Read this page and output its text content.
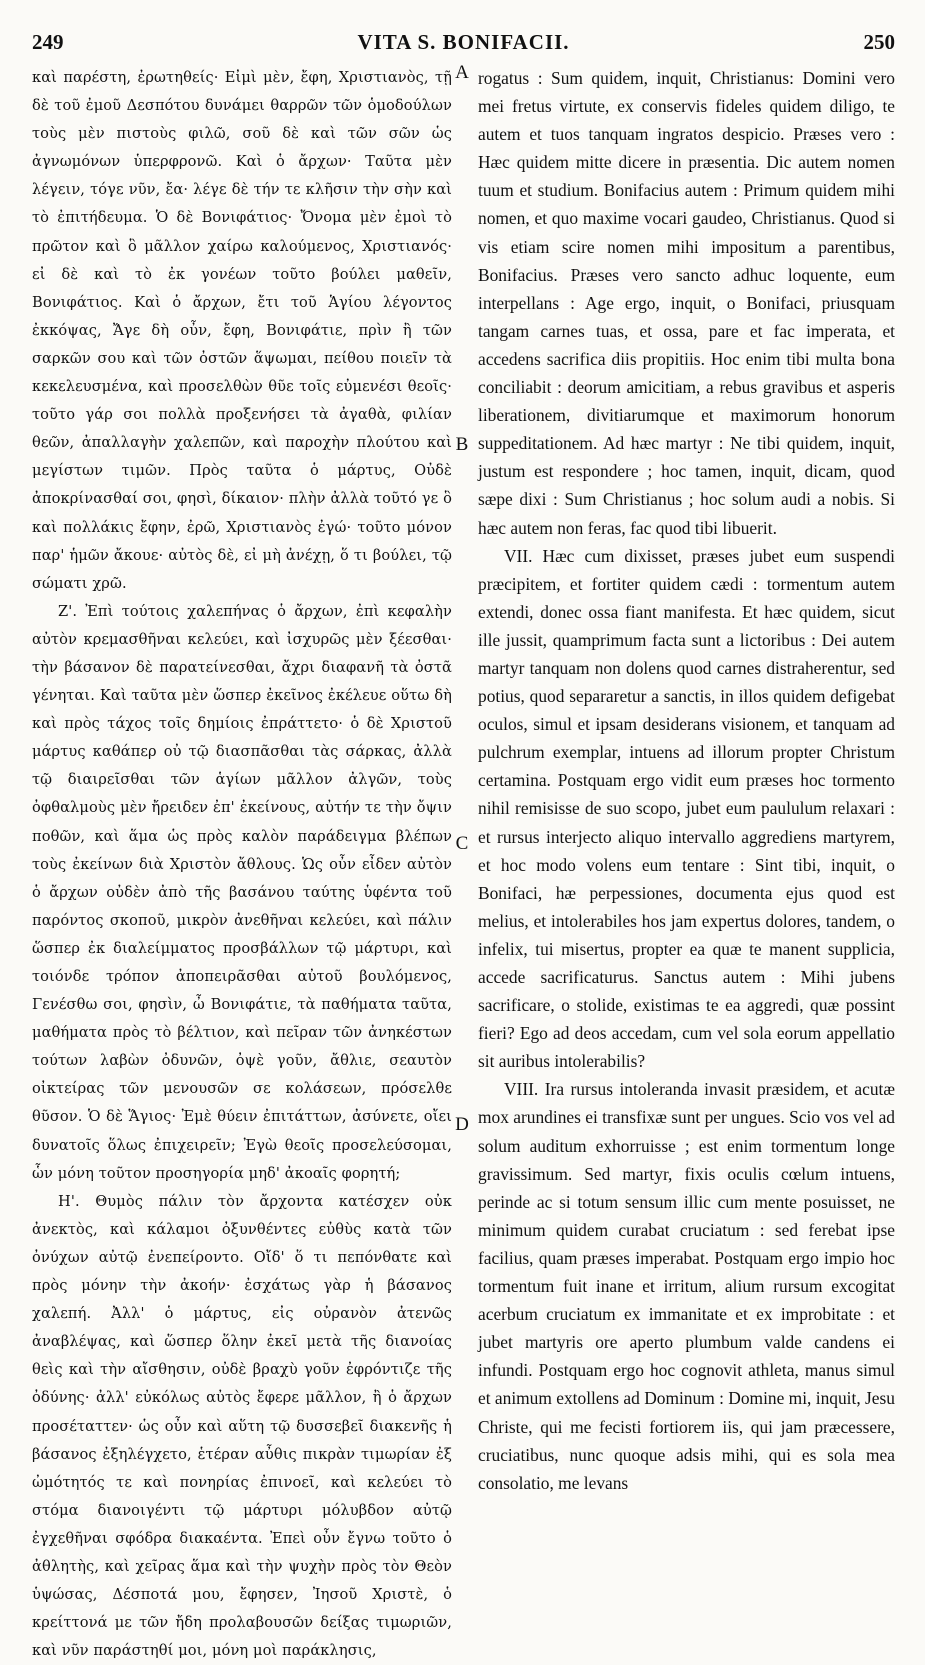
249	VITA S. BONIFACII.	250

καὶ παρέστη, ἐρωτηθείς· Εἰμὶ μὲν, ἔφη, Χριστιανὸς, τῇ δὲ τοῦ ἐμοῦ Δεσπότου δυνάμει θαρρῶν τῶν ὁμοδούλων τοὺς μὲν πιστοὺς φιλῶ, σοῦ δὲ καὶ τῶν σῶν ὡς ἀγνωμόνων ὑπερφρονῶ. Καὶ ὁ ἄρχων· Ταῦτα μὲν λέγειν, τόγε νῦν, ἔα· λέγε δὲ τήν τε κλῆσιν τὴν σὴν καὶ τὸ ἐπιτήδευμα. Ὁ δὲ Βονιφάτιος· Ὄνομα μὲν ἐμοὶ τὸ πρῶτον καὶ ὃ μᾶλλον χαίρω καλούμενος, Χριστιανός· εἰ δὲ καὶ τὸ ἐκ γονέων τοῦτο βούλει μαθεῖν, Βονιφάτιος. Καὶ ὁ ἄρχων, ἔτι τοῦ Ἁγίου λέγοντος ἐκκόψας, Ἄγε δὴ οὖν, ἔφη, Βονιφάτιε, πρὶν ἢ τῶν σαρκῶν σου καὶ τῶν ὀστῶν ἅψωμαι, πείθου ποιεῖν τὰ κεκελευσμένα, καὶ προσελθὼν θῦε τοῖς εὐμενέσι θεοῖς· τοῦτο γάρ σοι πολλὰ προξενήσει τὰ ἀγαθὰ, φιλίαν θεῶν, ἀπαλλαγὴν χαλεπῶν, καὶ παροχὴν πλούτου καὶ μεγίστων τιμῶν. Πρὸς ταῦτα ὁ μάρτυς, Οὐδὲ ἀποκρίνασθαί σοι, φησὶ, δίκαιον· πλὴν ἀλλὰ τοῦτό γε ὃ καὶ πολλάκις ἔφην, ἐρῶ, Χριστιανὸς ἐγώ· τοῦτο μόνον παρ' ἡμῶν ἄκουε· αὐτὸς δὲ, εἰ μὴ ἀνέχῃ, ὅ τι βούλει, τῷ σώματι χρῶ.

Ζ'. Ἐπὶ τούτοις χαλεπήνας ὁ ἄρχων, ἐπὶ κεφαλὴν αὐτὸν κρεμασθῆναι κελεύει, καὶ ἰσχυρῶς μὲν ξέεσθαι· τὴν βάσανον δὲ παρατείνεσθαι, ἄχρι διαφανῆ τὰ ὀστᾶ γένηται. Καὶ ταῦτα μὲν ὥσπερ ἐκεῖνος ἐκέλευε οὕτω δὴ καὶ πρὸς τάχος τοῖς δημίοις ἐπράττετο· ὁ δὲ Χριστοῦ μάρτυς καθάπερ οὐ τῷ διασπᾶσθαι τὰς σάρκας, ἀλλὰ τῷ διαιρεῖσθαι τῶν ἁγίων μᾶλλον ἀλγῶν, τοὺς ὀφθαλμοὺς μὲν ἤρειδεν ἐπ' ἐκείνους, αὐτήν τε τὴν ὄψιν ποθῶν, καὶ ἅμα ὡς πρὸς καλὸν παράδειγμα βλέπων τοὺς ἐκείνων διὰ Χριστὸν ἄθλους. Ὡς οὖν εἶδεν αὐτὸν ὁ ἄρχων οὐδὲν ἀπὸ τῆς βασάνου ταύτης ὑφέντα τοῦ παρόντος σκοποῦ, μικρὸν ἀνεθῆναι κελεύει, καὶ πάλιν ὥσπερ ἐκ διαλείμματος προσβάλλων τῷ μάρτυρι, καὶ τοιόνδε τρόπον ἀποπειρᾶσθαι αὐτοῦ βουλόμενος, Γενέσθω σοι, φησὶν, ὦ Βονιφάτιε, τὰ παθήματα ταῦτα, μαθήματα πρὸς τὸ βέλτιον, καὶ πεῖραν τῶν ἀνηκέστων τούτων λαβὼν ὀδυνῶν, ὀψὲ γοῦν, ἄθλιε, σεαυτὸν οἰκτείρας τῶν μενουσῶν σε κολάσεων, πρόσελθε θῦσον. Ὁ δὲ Ἅγιος· Ἐμὲ θύειν ἐπιτάττων, ἀσύνετε, οἴει δυνατοῖς ὅλως ἐπιχειρεῖν; Ἐγὼ θεοῖς προσελεύσομαι, ὧν μόνη τοῦτον προσηγορία μηδ' ἀκοαῖς φορητή;

Η'. Θυμὸς πάλιν τὸν ἄρχοντα κατέσχεν οὐκ ἀνεκτὸς, καὶ κάλαμοι ὀξυνθέντες εὐθὺς κατὰ τῶν ὀνύχων αὐτῷ ἐνεπείροντο. Οἴδ' ὅ τι πεπόνθατε καὶ πρὸς μόνην τὴν ἀκοήν· ἐσχάτως γὰρ ἡ βάσανος χαλεπή. Ἀλλ' ὁ μάρτυς, εἰς οὐρανὸν ἀτενῶς ἀναβλέψας, καὶ ὥσπερ ὅλην ἐκεῖ μετὰ τῆς διανοίας θεὶς καὶ τὴν αἴσθησιν, οὐδὲ βραχὺ γοῦν ἐφρόντιζε τῆς ὀδύνης· ἀλλ' εὐκόλως αὐτὸς ἔφερε μᾶλλον, ἢ ὁ ἄρχων προσέταττεν· ὡς οὖν καὶ αὕτη τῷ δυσσεβεῖ διακενῆς ἡ βάσανος ἐξηλέγχετο, ἑτέραν αὖθις πικρὰν τιμωρίαν ἐξ ὠμότητός τε καὶ πονηρίας ἐπινοεῖ, καὶ κελεύει τὸ στόμα διανοιγέντι τῷ μάρτυρι μόλυβδον αὐτῷ ἐγχεθῆναι σφόδρα διακαέντα. Ἐπεὶ οὖν ἔγνω τοῦτο ὁ ἀθλητὴς, καὶ χεῖρας ἅμα καὶ τὴν ψυχὴν πρὸς τὸν Θεὸν ὑψώσας, Δέσποτά μου, ἔφησεν, Ἰησοῦ Χριστὲ, ὁ κρείττονά με τῶν ἤδη προλαβουσῶν δείξας τιμωριῶν, καὶ νῦν παράστηθί μοι, μόνη μοὶ παράκλησις,

A
B
C
D

rogatus : Sum quidem, inquit, Christianus: Domini vero mei fretus virtute, ex conservis fideles quidem diligo, te autem et tuos tanquam ingratos despicio. Præses vero : Hæc quidem mitte dicere in præsentia. Dic autem nomen tuum et studium. Bonifacius autem : Primum quidem mihi nomen, et quo maxime vocari gaudeo, Christianus. Quod si vis etiam scire nomen mihi impositum a parentibus, Bonifacius. Præses vero sancto adhuc loquente, eum interpellans : Age ergo, inquit, o Bonifaci, priusquam tangam carnes tuas, et ossa, pare et fac imperata, et accedens sacrifica diis propitiis. Hoc enim tibi multa bona conciliabit : deorum amicitiam, a rebus gravibus et asperis liberationem, divitiarumque et maximorum honorum suppeditationem. Ad hæc martyr : Ne tibi quidem, inquit, justum est respondere ; hoc tamen, inquit, dicam, quod sæpe dixi : Sum Christianus ; hoc solum audi a nobis. Si hæc autem non feras, fac quod tibi libuerit.

VII. Hæc cum dixisset, præses jubet eum suspendi præcipitem, et fortiter quidem cædi : tormentum autem extendi, donec ossa fiant manifesta. Et hæc quidem, sicut ille jussit, quamprimum facta sunt a lictoribus : Dei autem martyr tanquam non dolens quod carnes distraherentur, sed potius, quod separaretur a sanctis, in illos quidem defigebat oculos, simul et ipsam desiderans visionem, et tanquam ad pulchrum exemplar, intuens ad illorum propter Christum certamina. Postquam ergo vidit eum præses hoc tormento nihil remisisse de suo scopo, jubet eum paululum relaxari : et rursus interjecto aliquo intervallo aggrediens martyrem, et hoc modo volens eum tentare : Sint tibi, inquit, o Bonifaci, hæ perpessiones, documenta ejus quod est melius, et intolerabiles hos jam expertus dolores, tandem, o infelix, tui misertus, propter ea quæ te manent supplicia, accede sacrificaturus. Sanctus autem : Mihi jubens sacrificare, o stolide, existimas te ea aggredi, quæ possint fieri? Ego ad deos accedam, cum vel sola eorum appellatio sit auribus intolerabilis?

VIII. Ira rursus intoleranda invasit præsidem, et acutæ mox arundines ei transfixæ sunt per ungues. Scio vos vel ad solum auditum exhorruisse ; est enim tormentum longe gravissimum. Sed martyr, fixis oculis cœlum intuens, perinde ac si totum sensum illic cum mente posuisset, ne minimum quidem curabat cruciatum : sed ferebat ipse facilius, quam præses imperabat. Postquam ergo impio hoc tormentum fuit inane et irritum, alium rursum excogitat acerbum cruciatum ex immanitate et ex improbitate : et jubet martyris ore aperto plumbum valde candens ei infundi. Postquam ergo hoc cognovit athleta, manus simul et animum extollens ad Dominum : Domine mi, inquit, Jesu Christe, qui me fecisti fortiorem iis, qui jam præcessere, cruciatibus, nunc quoque adsis mihi, qui es sola mea consolatio, me levans
